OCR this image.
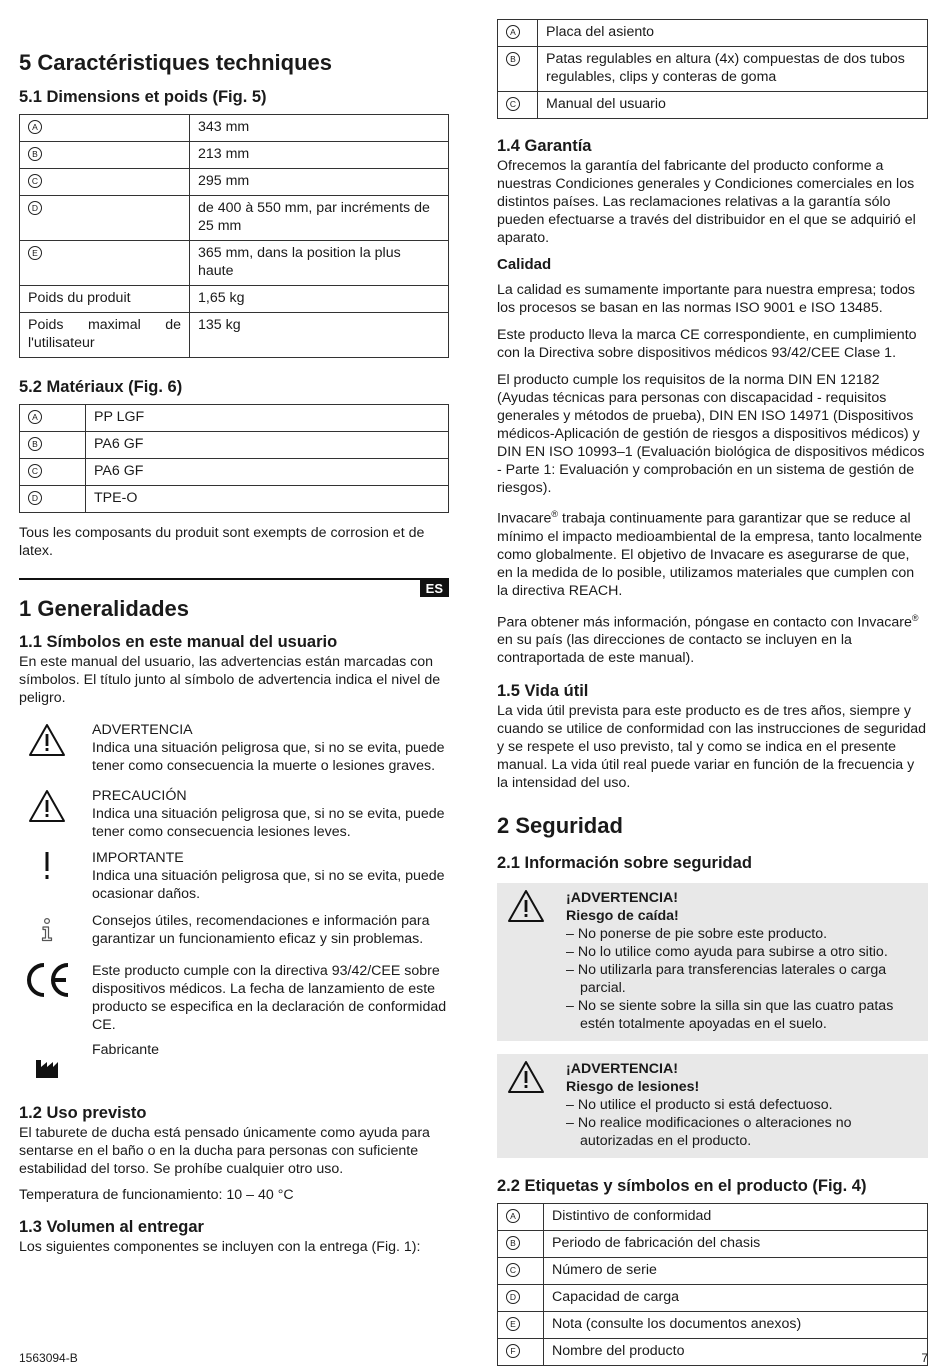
5 Caractéristiques techniques
5.1 Dimensions et poids (Fig. 5)
A	343 mm
B	213 mm
C	295 mm
D	de 400 à 550 mm, par incréments de 25 mm
E	365 mm, dans la position la plus haute
Poids du produit	1,65 kg
Poids maximal de l'utilisateur	135 kg
5.2 Matériaux (Fig. 6)
A	PP LGF
B	PA6 GF
C	PA6 GF
D	TPE-O

Tous les composants du produit sont exempts de corrosion et de latex.

ES
1 Generalidades
1.1 Símbolos en este manual del usuario

En este manual del usuario, las advertencias están marcadas con símbolos. El título junto al símbolo de advertencia indica el nivel de peligro.

ADVERTENCIA
Indica una situación peligrosa que, si no se evita, puede tener como consecuencia la muerte o lesiones graves.
PRECAUCIÓN
Indica una situación peligrosa que, si no se evita, puede tener como consecuencia lesiones leves.
IMPORTANTE
Indica una situación peligrosa que, si no se evita, puede ocasionar daños.
Consejos útiles, recomendaciones e información para garantizar un funcionamiento eficaz y sin problemas.
Este producto cumple con la directiva 93/42/CEE sobre dispositivos médicos. La fecha de lanzamiento de este producto se especifica en la declaración de conformidad CE.
Fabricante
1.2 Uso previsto

El taburete de ducha está pensado únicamente como ayuda para sentarse en el baño o en la ducha para personas con suficiente estabilidad del torso. Se prohíbe cualquier otro uso.

Temperatura de funcionamiento: 10 – 40 °C

1.3 Volumen al entregar

Los siguientes componentes se incluyen con la entrega (Fig. 1):

A	Placa del asiento
B	Patas regulables en altura (4x) compuestas de dos tubos regulables, clips y conteras de goma
C	Manual del usuario
1.4 Garantía

Ofrecemos la garantía del fabricante del producto conforme a nuestras Condiciones generales y Condiciones comerciales en los distintos países. Las reclamaciones relativas a la garantía sólo pueden efectuarse a través del distribuidor en el que se adquirió el aparato.

Calidad

La calidad es sumamente importante para nuestra empresa; todos los procesos se basan en las normas ISO 9001 e ISO 13485.

Este producto lleva la marca CE correspondiente, en cumplimiento con la Directiva sobre dispositivos médicos 93/42/CEE Clase 1.

El producto cumple los requisitos de la norma DIN EN 12182 (Ayudas técnicas para personas con discapacidad - requisitos generales y métodos de prueba), DIN EN ISO 14971 (Dispositivos médicos-Aplicación de gestión de riesgos a dispositivos médicos) y DIN EN ISO 10993–1 (Evaluación biológica de dispositivos médicos - Parte 1: Evaluación y comprobación en un sistema de gestión de riesgos).

Invacare® trabaja continuamente para garantizar que se reduce al mínimo el impacto medioambiental de la empresa, tanto localmente como globalmente. El objetivo de Invacare es asegurarse de que, en la medida de lo posible, utilizamos materiales que cumplen con la directiva REACH.

Para obtener más información, póngase en contacto con Invacare® en su país (las direcciones de contacto se incluyen en la contraportada de este manual).

1.5 Vida útil

La vida útil prevista para este producto es de tres años, siempre y cuando se utilice de conformidad con las instrucciones de seguridad y se respete el uso previsto, tal y como se indica en el presente manual. La vida útil real puede variar en función de la frecuencia y la intensidad del uso.

2 Seguridad
2.1 Información sobre seguridad
¡ADVERTENCIA!
Riesgo de caída!
– No ponerse de pie sobre este producto.
– No lo utilice como ayuda para subirse a otro sitio.
– No utilizarla para transferencias laterales o carga parcial.
– No se siente sobre la silla sin que las cuatro patas estén totalmente apoyadas en el suelo.
¡ADVERTENCIA!
Riesgo de lesiones!
– No utilice el producto si está defectuoso.
– No realice modificaciones o alteraciones no autorizadas en el producto.
2.2 Etiquetas y símbolos en el producto (Fig. 4)
A	Distintivo de conformidad
B	Periodo de fabricación del chasis
C	Número de serie
D	Capacidad de carga
E	Nota (consulte los documentos anexos)
F	Nombre del producto
1563094-B	7
